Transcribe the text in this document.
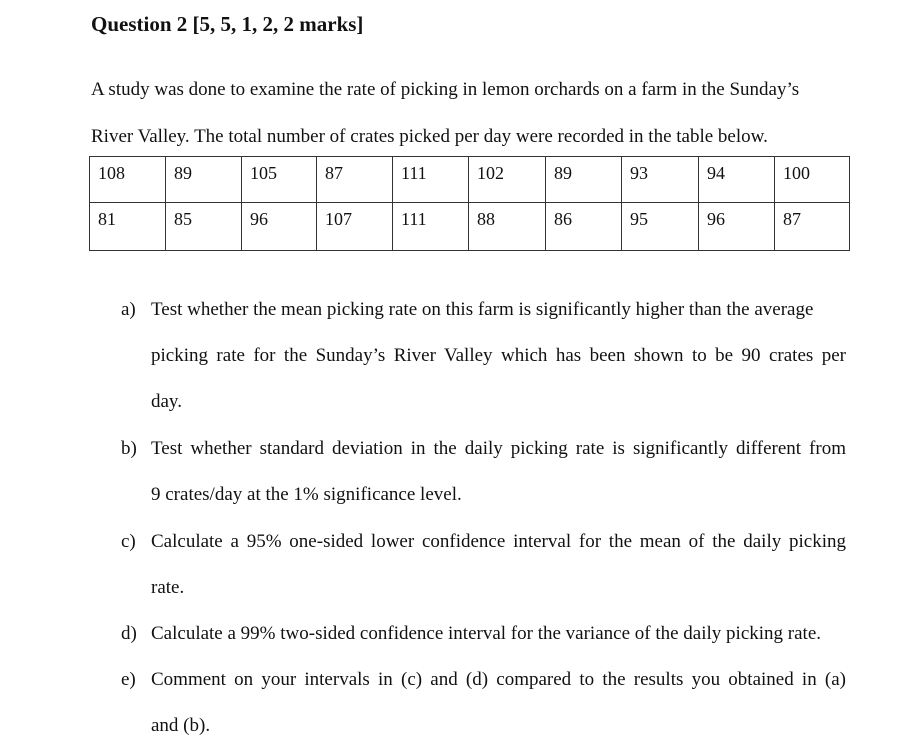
Question 2 [5, 5, 1, 2, 2 marks]
A study was done to examine the rate of picking in lemon orchards on a farm in the Sunday’s
River Valley. The total number of crates picked per day were recorded in the table below.
108	89	105	87	111	102	89	93	94	100
81	85	96	107	111	88	86	95	96	87
a) Test whether the mean picking rate on this farm is significantly higher than the average
picking rate for the Sunday’s River Valley which has been shown to be 90 crates per
day.
b) Test whether standard deviation in the daily picking rate is significantly different from
9 crates/day at the 1% significance level.
c) Calculate a 95% one-sided lower confidence interval for the mean of the daily picking
rate.
d) Calculate a 99% two-sided confidence interval for the variance of the daily picking rate.
e) Comment on your intervals in (c) and (d) compared to the results you obtained in (a)
and (b).
